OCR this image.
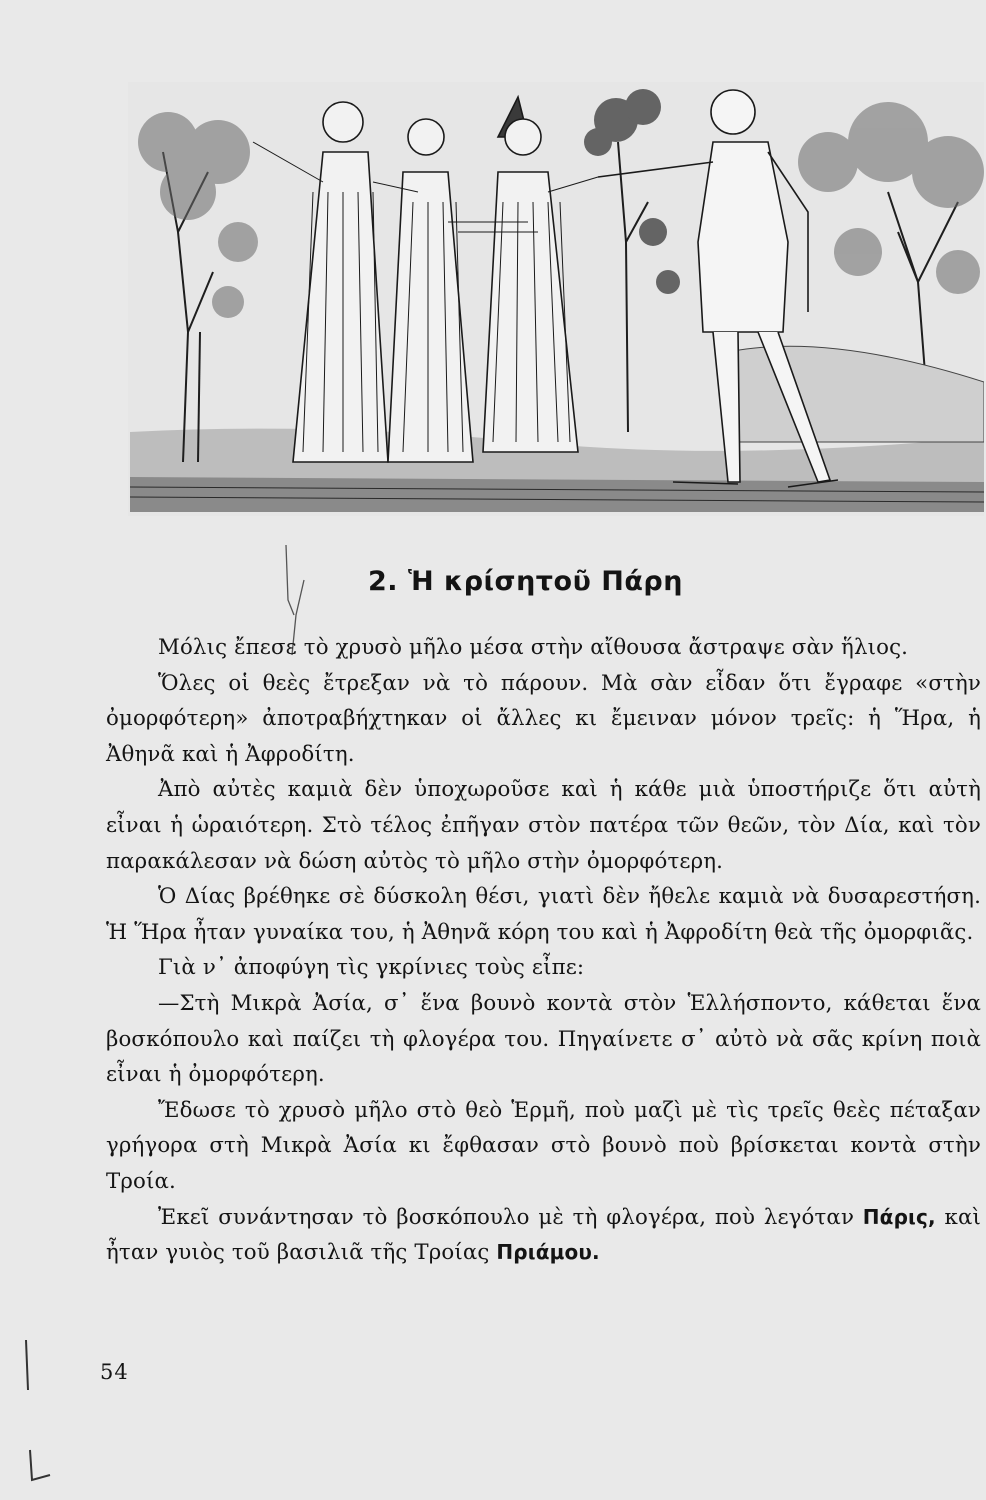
2. Ἡ κρίσητοῦ Πάρη

Μόλις ἔπεσε τὸ χρυσὸ μῆλο μέσα στὴν αἴθουσα ἄστραψε σὰν ἥλιος.

Ὅλες οἱ θεὲς ἔτρεξαν νὰ τὸ πάρουν. Μὰ σὰν εἶδαν ὅτι ἔγραφε «στὴν ὀμορφότερη» ἀποτραβήχτηκαν οἱ ἄλλες κι ἔμειναν μόνον τρεῖς: ἡ Ἥρα, ἡ Ἀθηνᾶ καὶ ἡ Ἀφροδίτη.

Ἀπὸ αὐτὲς καμιὰ δὲν ὑποχωροῦσε καὶ ἡ κάθε μιὰ ὑποστήριζε ὅτι αὐτὴ εἶναι ἡ ὡραιότερη. Στὸ τέλος ἐπῆγαν στὸν πατέρα τῶν θεῶν, τὸν Δία, καὶ τὸν παρακάλεσαν νὰ δώση αὐτὸς τὸ μῆλο στὴν ὀμορφότερη.

Ὁ Δίας βρέθηκε σὲ δύσκολη θέσι, γιατὶ δὲν ἤθελε καμιὰ νὰ δυσαρεστήση. Ἡ Ἥρα ἦταν γυναίκα του, ἡ Ἀθηνᾶ κόρη του καὶ ἡ Ἀφροδίτη θεὰ τῆς ὀμορφιᾶς.

Γιὰ ν᾿ ἀποφύγη τὶς γκρίνιες τοὺς εἶπε:

—Στὴ Μικρὰ Ἀσία, σ᾿ ἕνα βουνὸ κοντὰ στὸν Ἑλλήσποντο, κάθεται ἕνα βοσκόπουλο καὶ παίζει τὴ φλογέρα του. Πηγαίνετε σ᾿ αὐτὸ νὰ σᾶς κρίνη ποιὰ εἶναι ἡ ὀμορφότερη.

Ἔδωσε τὸ χρυσὸ μῆλο στὸ θεὸ Ἑρμῆ, ποὺ μαζὶ μὲ τὶς τρεῖς θεὲς πέταξαν γρήγορα στὴ Μικρὰ Ἀσία κι ἔφθασαν στὸ βουνὸ ποὺ βρίσκεται κοντὰ στὴν Τροία.

Ἐκεῖ συνάντησαν τὸ βοσκόπουλο μὲ τὴ φλογέρα, ποὺ λεγόταν Πάρις, καὶ ἦταν γυιὸς τοῦ βασιλιᾶ τῆς Τροίας Πριάμου.

54
